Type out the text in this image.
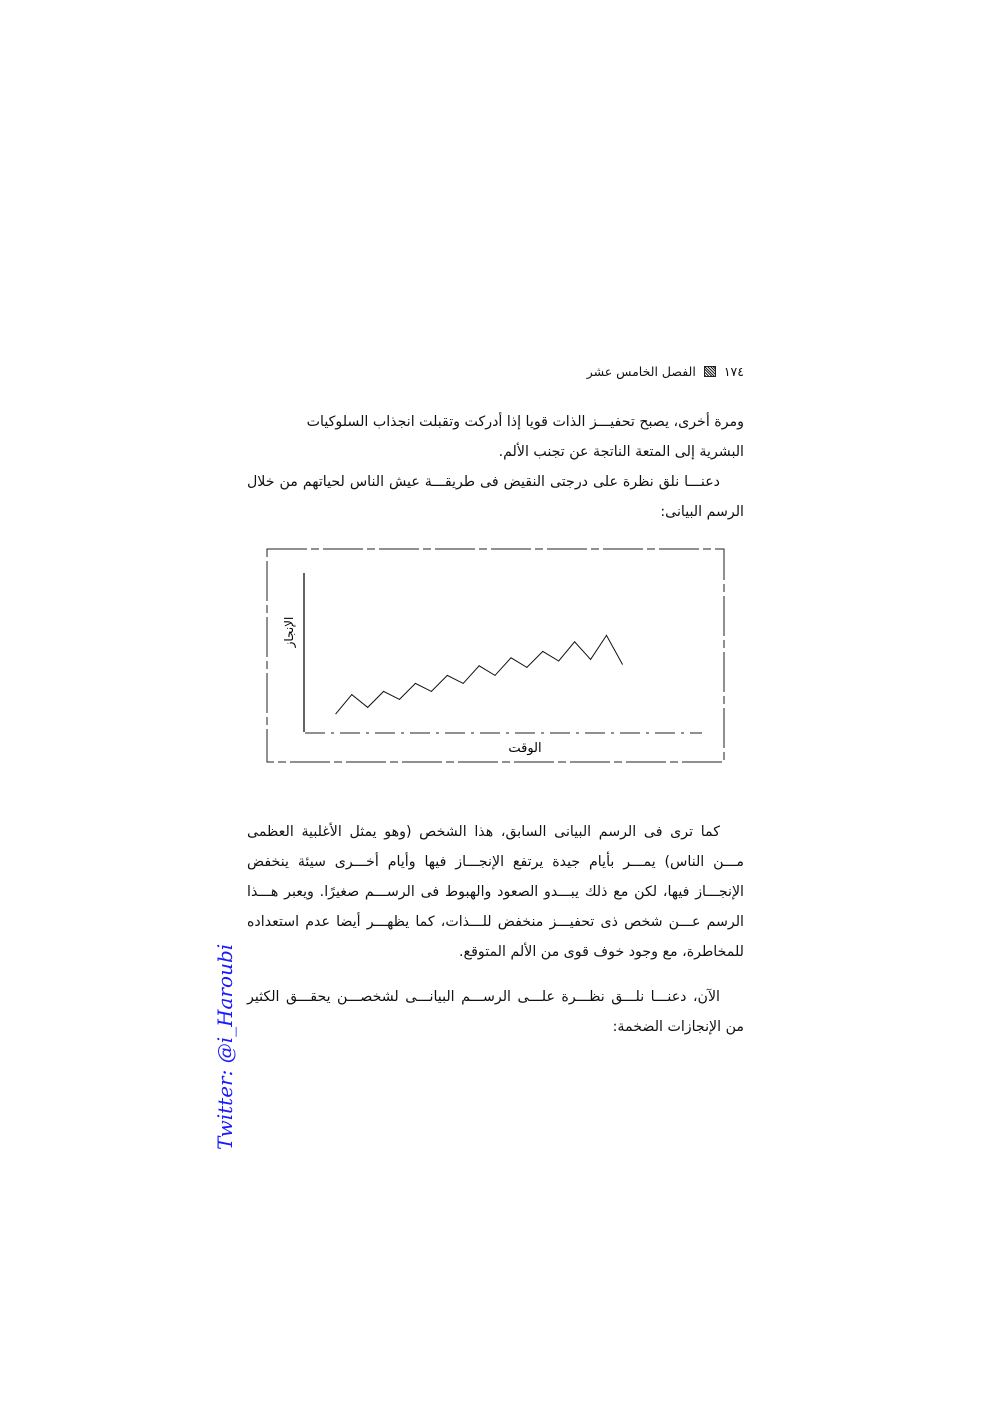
١٧٤
الفصل الخامس عشر

ومرة أخرى، يصبح تحفيـــز الذات قويا إذا أدركت وتقبلت انجذاب السلوكيات

البشرية إلى المتعة الناتجة عن تجنب الألم.

دعنـــا نلق نظرة على درجتى النقيض فى طريقـــة عيش الناس لحياتهم من خلال الرسم البيانى:

الوقت
الإنجاز

كما ترى فى الرسم البيانى السابق، هذا الشخص (وهو يمثل الأغلبية العظمى مـــن الناس) يمـــر بأيام جيدة يرتفع الإنجـــاز فيها وأيام أخـــرى سيئة ينخفض الإنجـــاز فيها، لكن مع ذلك يبـــدو الصعود والهبوط فى الرســـم صغيرًا. ويعبر هـــذا الرسم عـــن شخص ذى تحفيـــز منخفض للـــذات، كما يظهـــر أيضا عدم استعداده للمخاطرة، مع وجود خوف قوى من الألم المتوقع.

الآن، دعنـــا نلـــق نظـــرة علـــى الرســـم البيانـــى لشخصـــن يحقـــق الكثير من الإنجازات الضخمة:

Twitter: @i_Haroubi
